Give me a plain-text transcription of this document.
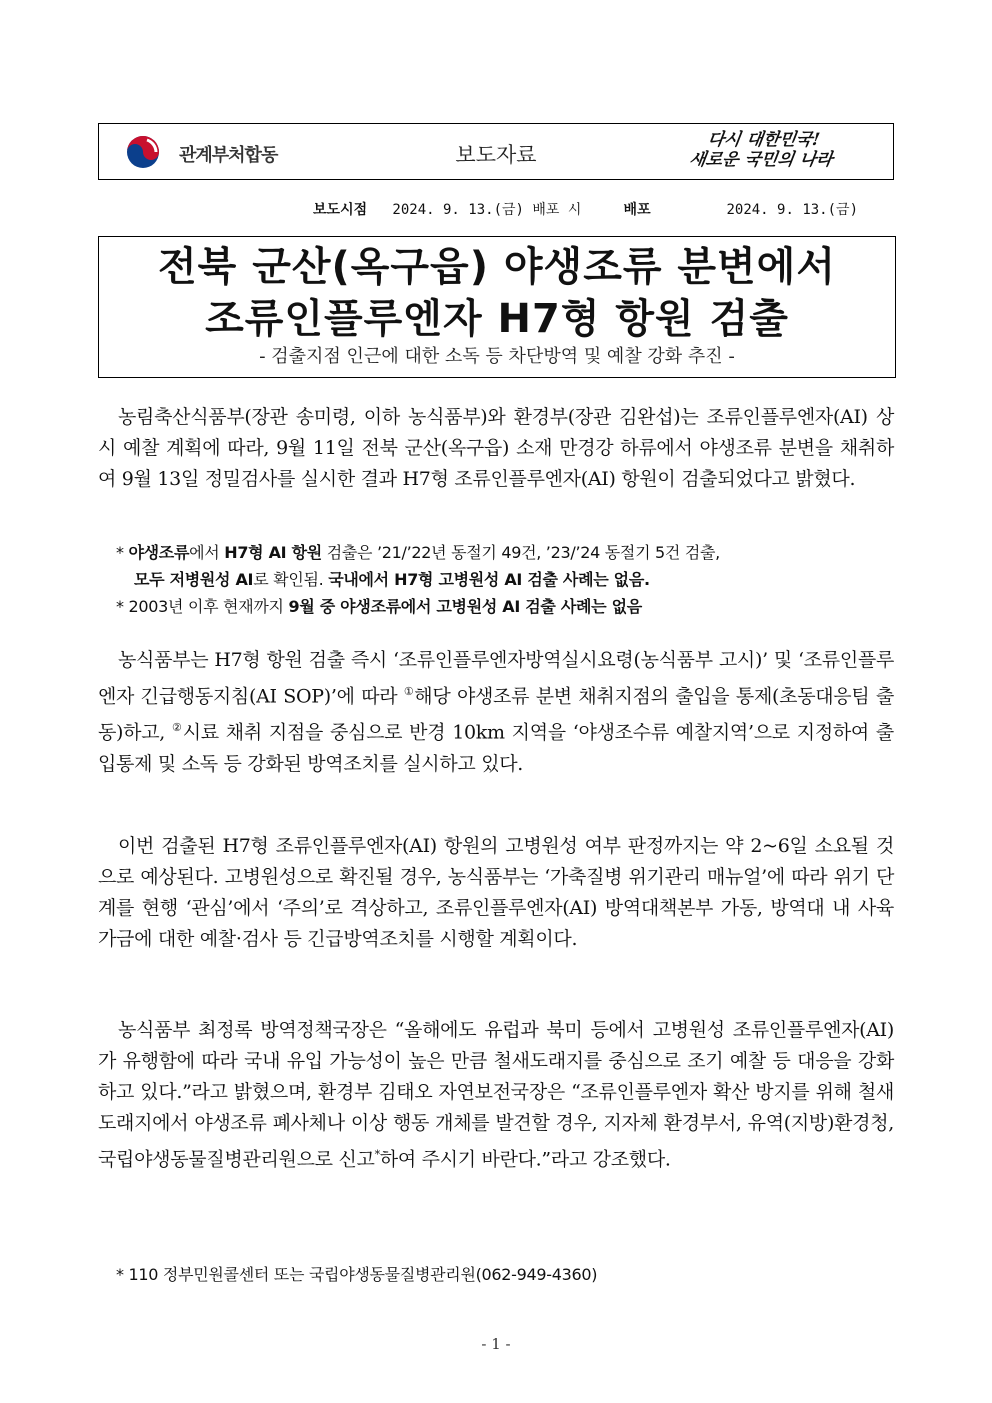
관계부처합동	보도자료
다시 대한민국!
새로운 국민의 나라
보도시점 2024. 9. 13.(금) 배포 시	배포	2024. 9. 13.(금)
전북 군산(옥구읍) 야생조류 분변에서
조류인플루엔자 H7형 항원 검출
- 검출지점 인근에 대한 소독 등 차단방역 및 예찰 강화 추진 -
농림축산식품부(장관 송미령, 이하 농식품부)와 환경부(장관 김완섭)는 조류인플루엔자(AI) 상시 예찰 계획에 따라, 9월 11일 전북 군산(옥구읍) 소재 만경강 하류에서 야생조류 분변을 채취하여 9월 13일 정밀검사를 실시한 결과 H7형 조류인플루엔자(AI) 항원이 검출되었다고 밝혔다.
* 야생조류에서 H7형 AI 항원 검출은 ’21/’22년 동절기 49건, ’23/’24 동절기 5건 검출,
모두 저병원성 AI로 확인됨. 국내에서 H7형 고병원성 AI 검출 사례는 없음.
* 2003년 이후 현재까지 9월 중 야생조류에서 고병원성 AI 검출 사례는 없음
농식품부는 H7형 항원 검출 즉시 ‘조류인플루엔자방역실시요령(농식품부 고시)’ 및 ‘조류인플루엔자 긴급행동지침(AI SOP)’에 따라 ①해당 야생조류 분변 채취지점의 출입을 통제(초동대응팀 출동)하고, ②시료 채취 지점을 중심으로 반경 10km 지역을 ‘야생조수류 예찰지역’으로 지정하여 출입통제 및 소독 등 강화된 방역조치를 실시하고 있다.
이번 검출된 H7형 조류인플루엔자(AI) 항원의 고병원성 여부 판정까지는 약 2~6일 소요될 것으로 예상된다. 고병원성으로 확진될 경우, 농식품부는 ‘가축질병 위기관리 매뉴얼’에 따라 위기 단계를 현행 ‘관심’에서 ‘주의’로 격상하고, 조류인플루엔자(AI) 방역대책본부 가동, 방역대 내 사육 가금에 대한 예찰·검사 등 긴급방역조치를 시행할 계획이다.
농식품부 최정록 방역정책국장은 “올해에도 유럽과 북미 등에서 고병원성 조류인플루엔자(AI)가 유행함에 따라 국내 유입 가능성이 높은 만큼 철새도래지를 중심으로 조기 예찰 등 대응을 강화하고 있다.”라고 밝혔으며, 환경부 김태오 자연보전국장은 “조류인플루엔자 확산 방지를 위해 철새도래지에서 야생조류 폐사체나 이상 행동 개체를 발견할 경우, 지자체 환경부서, 유역(지방)환경청, 국립야생동물질병관리원으로 신고*하여 주시기 바란다.”라고 강조했다.
* 110 정부민원콜센터 또는 국립야생동물질병관리원(062-949-4360)
- 1 -
